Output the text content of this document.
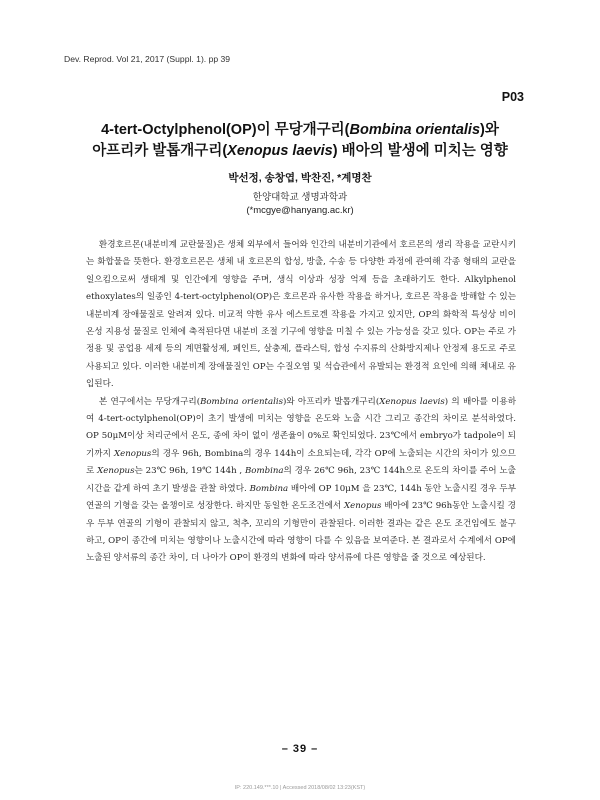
Dev. Reprod. Vol 21, 2017 (Suppl. 1). pp 39
P03
4-tert-Octylphenol(OP)이 무당개구리(Bombina orientalis)와
아프리카 발톱개구리(Xenopus laevis) 배아의 발생에 미치는 영향
박선정, 송창엽, 박찬진, *계명찬
한양대학교 생명과학과
(*mcgye@hanyang.ac.kr)

환경호르몬(내분비계 교란물질)은 생체 외부에서 들어와 인간의 내분비기관에서 호르몬의 생리 작용을 교란시키는 화합물을 뜻한다. 환경호르몬은 생체 내 호르몬의 합성, 방출, 수송 등 다양한 과정에 관여해 각종 형태의 교란을 일으킴으로써 생태계 및 인간에게 영향을 주며, 생식 이상과 성장 억제 등을 초래하기도 한다. Alkylphenol ethoxylates의 일종인 4-tert-octylphenol(OP)은 호르몬과 유사한 작용을 하거나, 호르몬 작용을 방해할 수 있는 내분비계 장애물질로 알려져 있다. 비교적 약한 유사 에스트로겐 작용을 가지고 있지만, OP의 화학적 특성상 비이온성 지용성 물질로 인체에 축적된다면 내분비 조절 기구에 영향을 미칠 수 있는 가능성을 갖고 있다. OP는 주로 가정용 및 공업용 세제 등의 계면활성제, 페인트, 살충제, 플라스틱, 합성 수지류의 산화방지제나 안정제 용도로 주로 사용되고 있다. 이러한 내분비계 장애물질인 OP는 수질오염 및 석습관에서 유발되는 환경적 요인에 의해 체내로 유입된다.

본 연구에서는 무당개구리(Bombina orientalis)와 아프리카 발톱개구리(Xenopus laevis) 의 배아를 이용하여 4-tert-octylphenol(OP)이 초기 발생에 미치는 영향을 온도와 노출 시간 그리고 종간의 차이로 분석하였다. OP 50μM이상 처리군에서 온도, 종에 차이 없이 생존율이 0%로 확인되었다. 23℃에서 embryo가 tadpole이 되기까지 Xenopus의 경우 96h, Bombina의 경우 144h이 소요되는데, 각각 OP에 노출되는 시간의 차이가 있으므로 Xenopus는 23℃ 96h, 19℃ 144h , Bombina의 경우 26℃ 96h, 23℃ 144h으로 온도의 차이를 주어 노출시간을 같게 하여 초기 발생을 관찰 하였다. Bombina 배아에 OP 10μM 을 23℃, 144h 동안 노출시킬 경우 두부 연골의 기형을 갖는 올챙이로 성장한다. 하지만 동일한 온도조건에서 Xenopus 배아에 23℃ 96h동안 노출시킬 경우 두부 연골의 기형이 관찰되지 않고, 척추, 꼬리의 기형만이 관찰된다. 이러한 결과는 같은 온도 조건임에도 불구하고, OP이 종간에 미치는 영향이나 노출시간에 따라 영향이 다를 수 있음을 보여준다. 본 결과로서 수계에서 OP에 노출된 양서류의 종간 차이, 더 나아가 OP이 환경의 변화에 따라 양서류에 다른 영향을 줄 것으로 예상된다.

– 39 –
IP: 220.149.***.10 | Accessed 2018/08/02 13:23(KST)
